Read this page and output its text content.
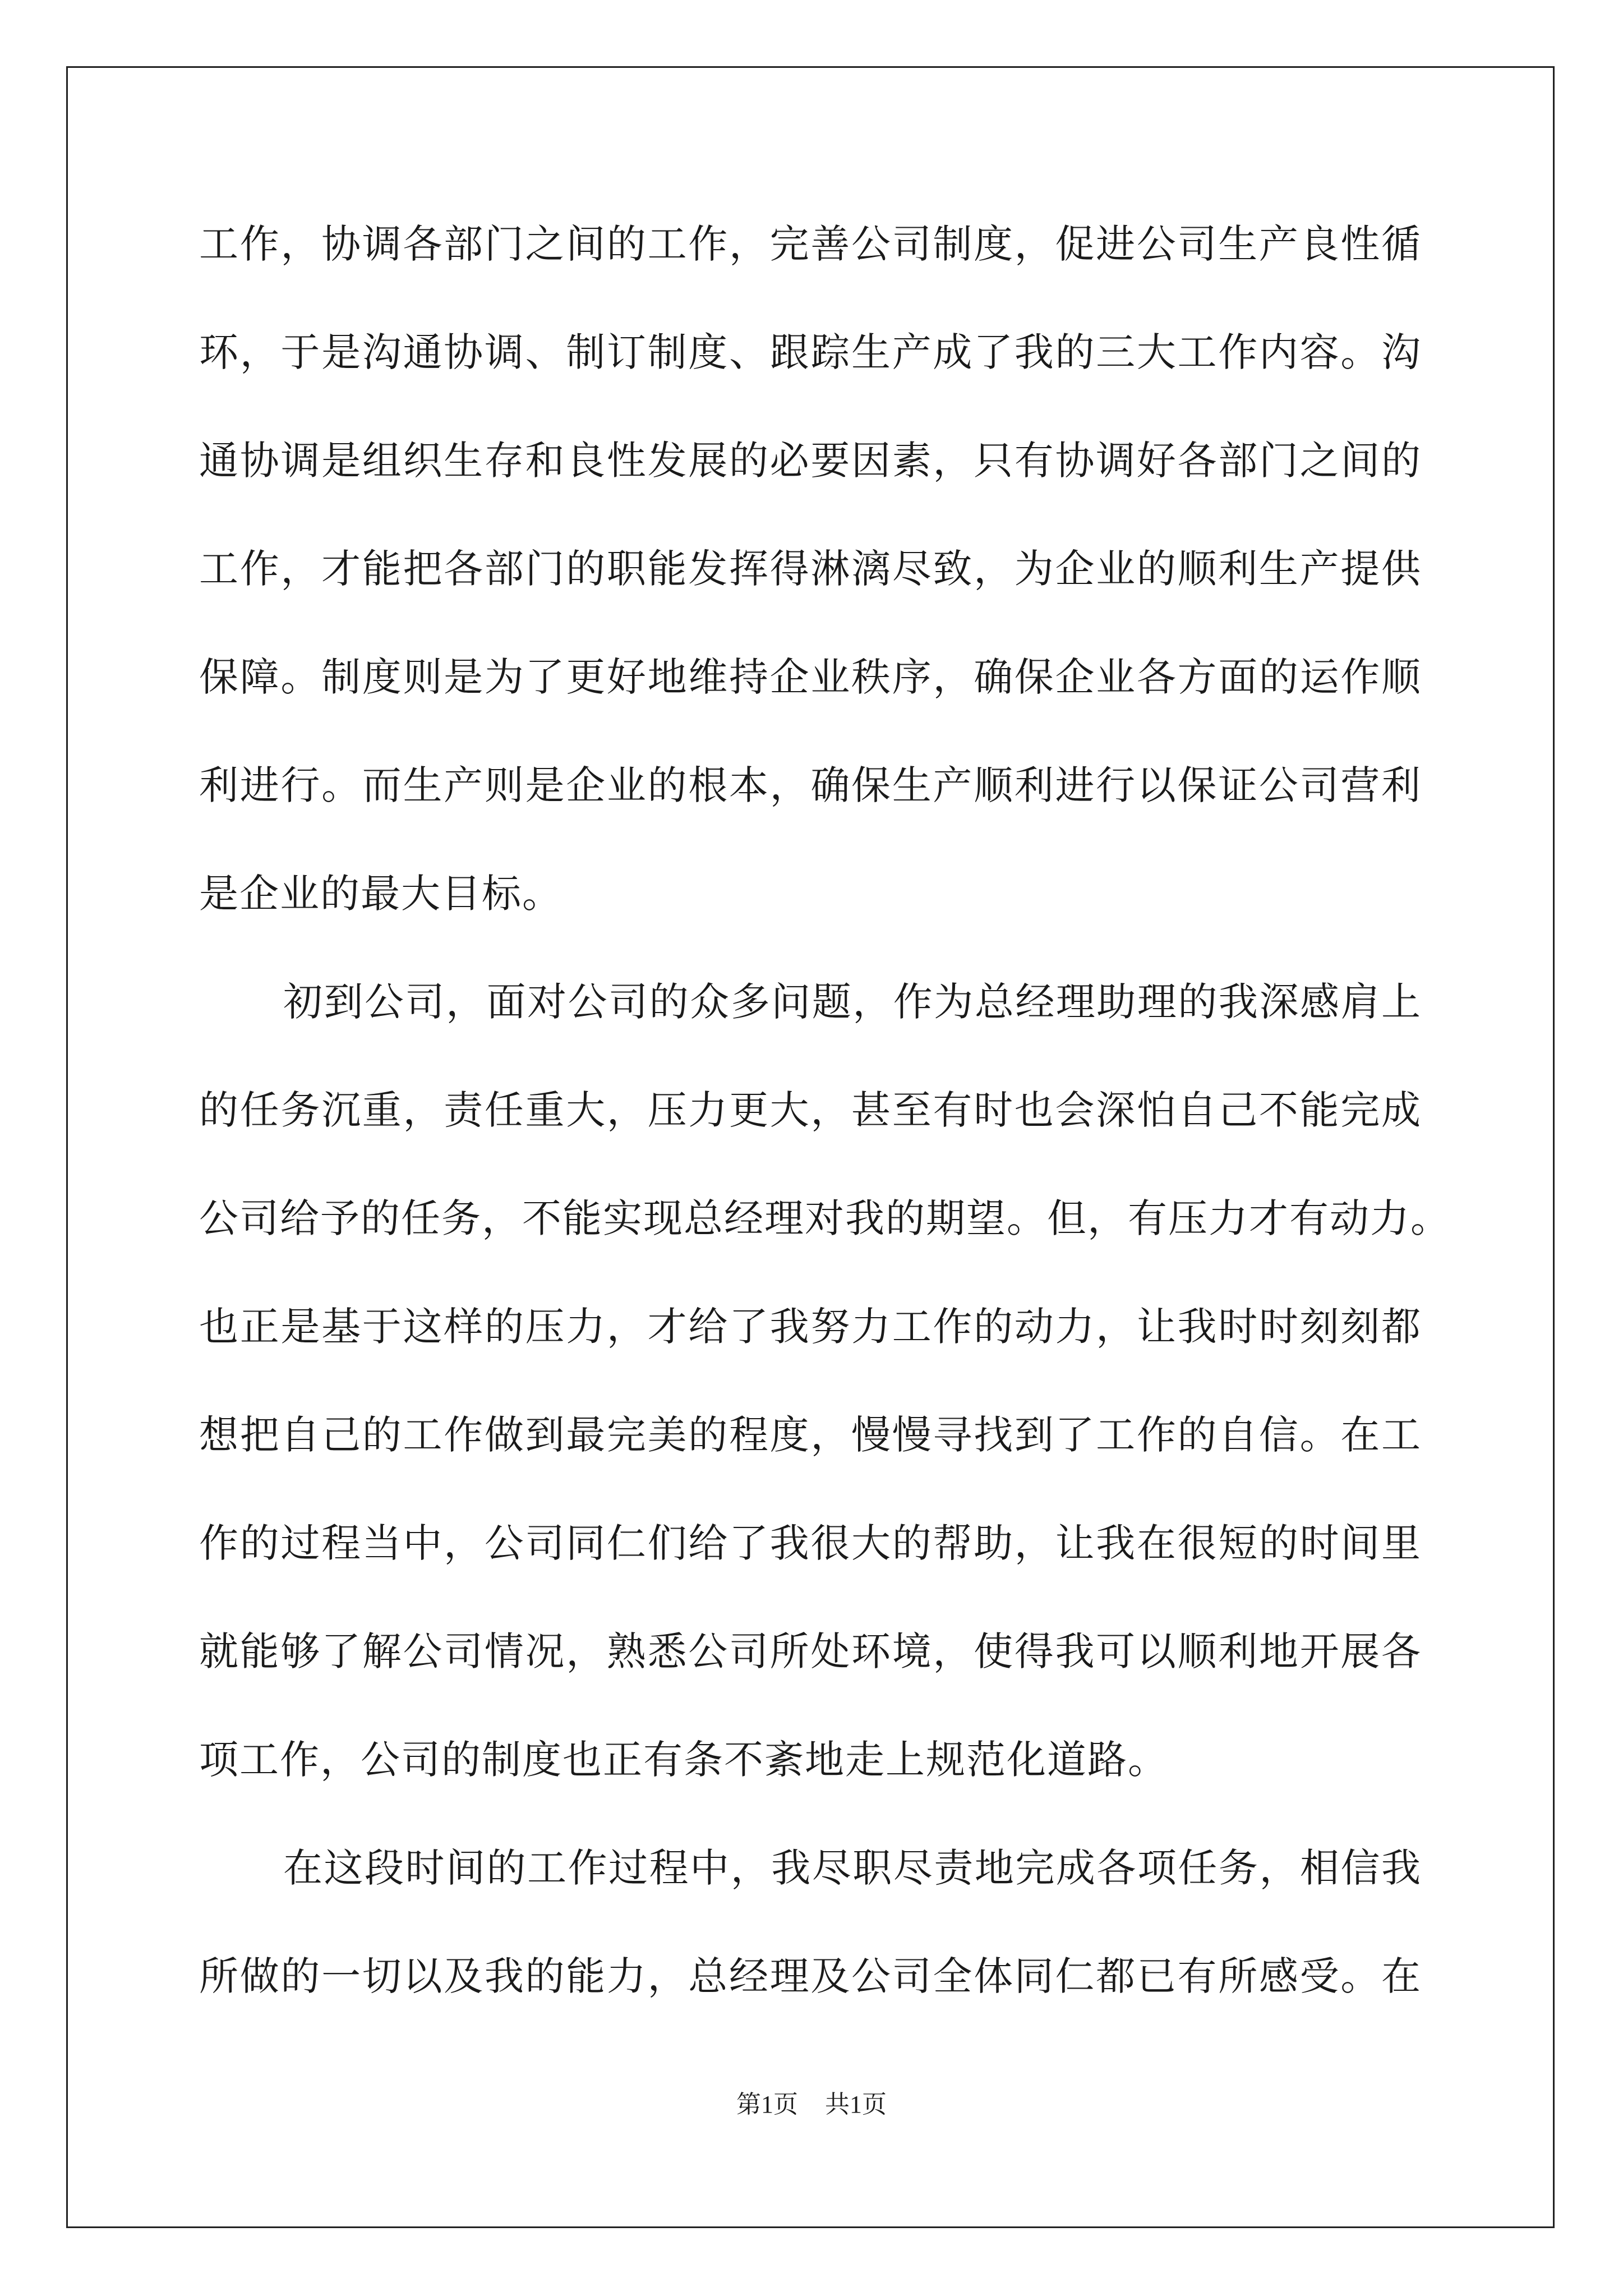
工作，协调各部门之间的工作，完善公司制度，促进公司生产良性循
环，于是沟通协调、制订制度、跟踪生产成了我的三大工作内容。沟
通协调是组织生存和良性发展的必要因素，只有协调好各部门之间的
工作，才能把各部门的职能发挥得淋漓尽致，为企业的顺利生产提供
保障。制度则是为了更好地维持企业秩序，确保企业各方面的运作顺
利进行。而生产则是企业的根本，确保生产顺利进行以保证公司营利
是企业的最大目标。
初到公司，面对公司的众多问题，作为总经理助理的我深感肩上
的任务沉重，责任重大，压力更大，甚至有时也会深怕自己不能完成
公司给予的任务，不能实现总经理对我的期望。但，有压力才有动力。
也正是基于这样的压力，才给了我努力工作的动力，让我时时刻刻都
想把自己的工作做到最完美的程度，慢慢寻找到了工作的自信。在工
作的过程当中，公司同仁们给了我很大的帮助，让我在很短的时间里
就能够了解公司情况，熟悉公司所处环境，使得我可以顺利地开展各
项工作，公司的制度也正有条不紊地走上规范化道路。
在这段时间的工作过程中，我尽职尽责地完成各项任务，相信我
所做的一切以及我的能力，总经理及公司全体同仁都已有所感受。在
第1页 共1页
